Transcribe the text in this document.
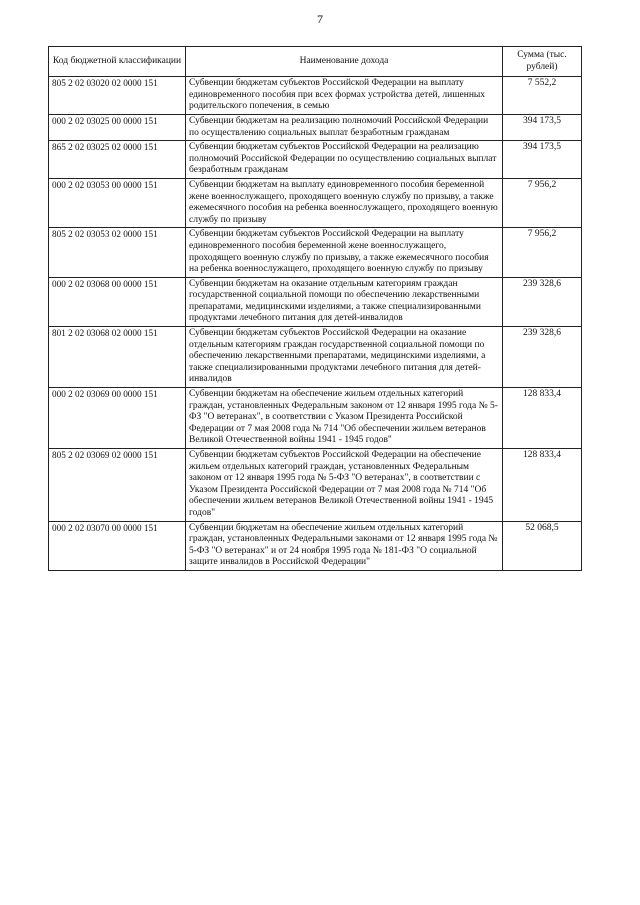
7
Код бюджетной классификации	Наименование дохода	Сумма (тыс. рублей)
805 2 02 03020 02 0000 151	Субвенции бюджетам субъектов Российской Федерации на выплату единовременного пособия при всех формах устройства детей, лишенных родительского попечения, в семью	7 552,2
000 2 02 03025 00 0000 151	Субвенции бюджетам на реализацию полномочий Российской Федерации по осуществлению социальных выплат безработным гражданам	394 173,5
865 2 02 03025 02 0000 151	Субвенции бюджетам субъектов Российской Федерации на реализацию полномочий Российской Федерации по осуществлению социальных выплат безработным гражданам	394 173,5
000 2 02 03053 00 0000 151	Субвенции бюджетам на выплату единовременного пособия беременной жене военнослужащего, проходящего военную службу по призыву, а также ежемесячного пособия на ребенка военнослужащего, проходящего военную службу по призыву	7 956,2
805 2 02 03053 02 0000 151	Субвенции бюджетам субъектов Российской Федерации на выплату единовременного пособия беременной жене военнослужащего, проходящего военную службу по призыву, а также ежемесячного пособия на ребенка военнослужащего, проходящего военную службу по призыву	7 956,2
000 2 02 03068 00 0000 151	Субвенции бюджетам на оказание отдельным категориям граждан государственной социальной помощи по обеспечению лекарственными препаратами, медицинскими изделиями, а также специализированными продуктами лечебного питания для детей-инвалидов	239 328,6
801 2 02 03068 02 0000 151	Субвенции бюджетам субъектов Российской Федерации на оказание отдельным категориям граждан государственной социальной помощи по обеспечению лекарственными препаратами, медицинскими изделиями, а также специализированными продуктами лечебного питания для детей-инвалидов	239 328,6
000 2 02 03069 00 0000 151	Субвенции бюджетам на обеспечение жильем отдельных категорий граждан, установленных Федеральным законом от 12 января 1995 года № 5-ФЗ "О ветеранах", в соответствии с Указом Президента Российской Федерации от 7 мая 2008 года № 714 "Об обеспечении жильем ветеранов Великой Отечественной войны 1941 - 1945 годов"	128 833,4
805 2 02 03069 02 0000 151	Субвенции бюджетам субъектов Российской Федерации на обеспечение жильем отдельных категорий граждан, установленных Федеральным законом от 12 января 1995 года № 5-ФЗ "О ветеранах", в соответствии с Указом Президента Российской Федерации от 7 мая 2008 года № 714 "Об обеспечении жильем ветеранов Великой Отечественной войны 1941 - 1945 годов"	128 833,4
000 2 02 03070 00 0000 151	Субвенции бюджетам на обеспечение жильем отдельных категорий граждан, установленных Федеральными законами от 12 января 1995 года № 5-ФЗ "О ветеранах" и от 24 ноября 1995 года № 181-ФЗ "О социальной защите инвалидов в Российской Федерации"	52 068,5
